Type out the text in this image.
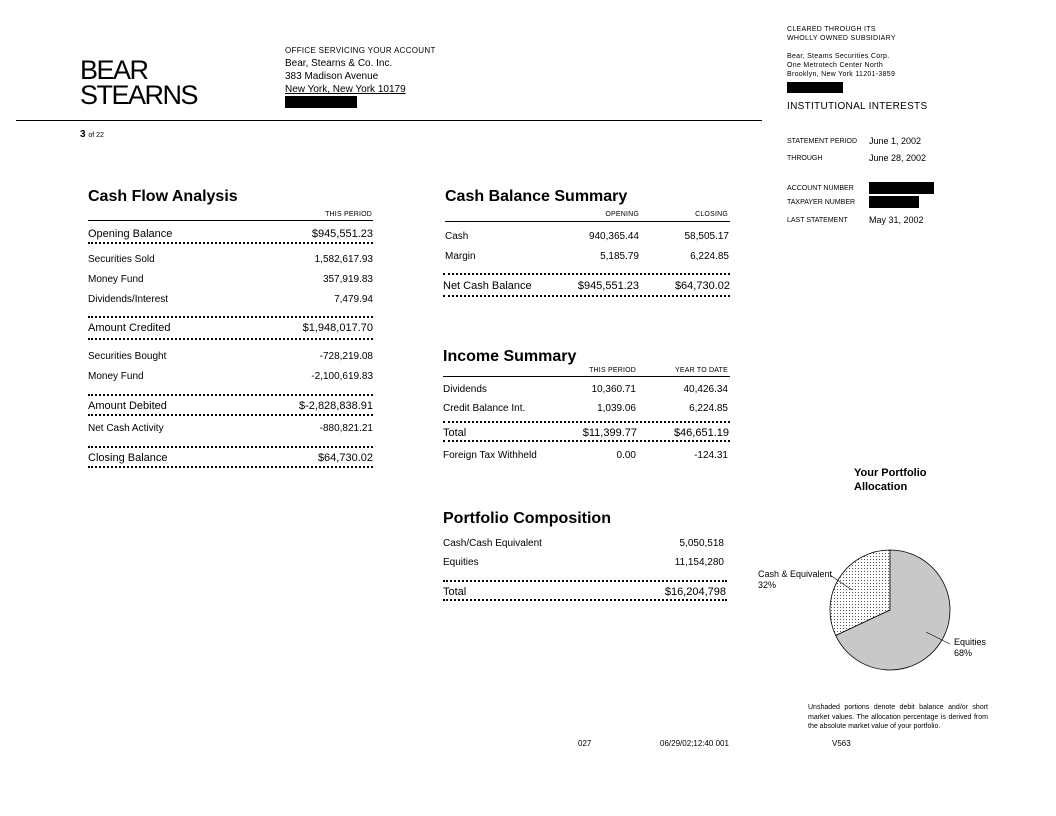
BEAR
STEARNS
OFFICE SERVICING YOUR ACCOUNT
Bear, Stearns & Co. Inc.
383 Madison Avenue
New York, New York 10179
3 of 22
CLEARED THROUGH ITS
WHOLLY OWNED SUBSIDIARY
Bear, Steams Securities Corp.
One Metrotech Center North
Brooklyn, New York 11201-3859
INSTITUTIONAL INTERESTS
STATEMENT PERIOD June 1, 2002
THROUGH	June 28, 2002
ACCOUNT NUMBER
TAXPAYER NUMBER
LAST STATEMENT May 31, 2002
Cash Flow Analysis
THIS PERIOD
Opening Balance	$945,551.23
Securities Sold	1,582,617.93
Money Fund	357,919.83
Dividends/Interest	7,479.94
Amount Credited	$1,948,017.70
Securities Bought	-728,219.08
Money Fund	-2,100,619.83
Amount Debited	$-2,828,838.91
Net Cash Activity	-880,821.21
Closing Balance	$64,730.02
Cash Balance Summary
OPENING	CLOSING
Cash	940,365.44	58,505.17
Margin	5,185.79	6,224.85
Net Cash Balance	$945,551.23	$64,730.02
Income Summary
THIS PERIOD	YEAR TO DATE
Dividends	10,360.71	40,426.34
Credit Balance Int.	1,039.06	6,224.85
Total	$11,399.77	$46,651.19
Foreign Tax Withheld	0.00	-124.31
Portfolio Composition
Cash/Cash Equivalent	5,050,518
Equities	11,154,280
Total	$16,204,798
Your Portfolio
Allocation
Cash & Equivalent
32%
Equities
68%
Unshaded portions denote debit balance and/or short market values. The allocation percentage is derived from the absolute market value of your portfolio.
027	06/29/02;12:40 001	V563
